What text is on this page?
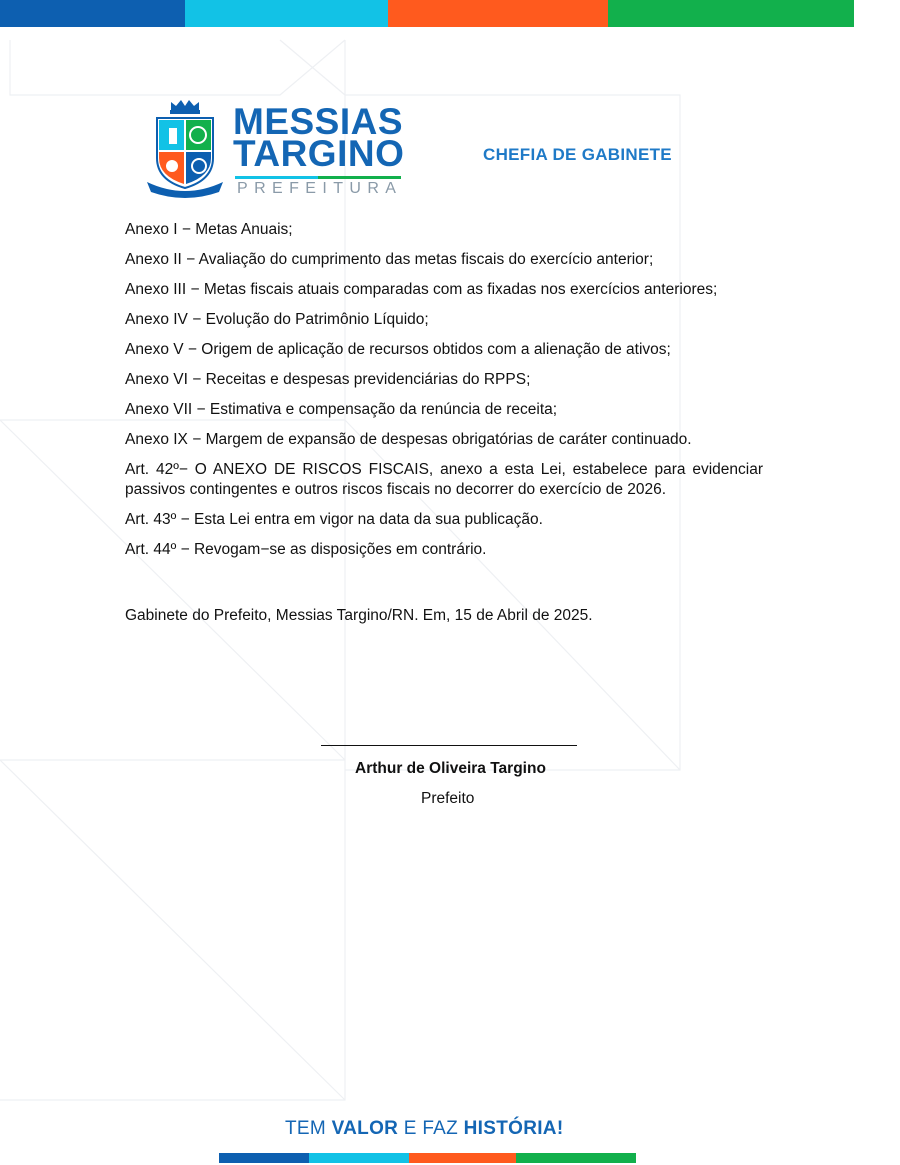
MESSIAS
TARGINO
PREFEITURA
CHEFIA DE GABINETE

Anexo I − Metas Anuais;

Anexo II − Avaliação do cumprimento das metas fiscais do exercício anterior;

Anexo III − Metas fiscais atuais comparadas com as fixadas nos exercícios anteriores;

Anexo IV − Evolução do Patrimônio Líquido;

Anexo V − Origem de aplicação de recursos obtidos com a alienação de ativos;

Anexo VI − Receitas e despesas previdenciárias do RPPS;

Anexo VII − Estimativa e compensação da renúncia de receita;

Anexo IX − Margem de expansão de despesas obrigatórias de caráter continuado.

Art. 42º− O ANEXO DE RISCOS FISCAIS, anexo a esta Lei, estabelece para evidenciar passivos contingentes e outros riscos fiscais no decorrer do exercício de 2026.

Art. 43º − Esta Lei entra em vigor na data da sua publicação.

Art. 44º − Revogam−se as disposições em contrário.

Gabinete do Prefeito, Messias Targino/RN. Em, 15 de Abril de 2025.
Arthur de Oliveira Targino
Prefeito
TEM VALOR E FAZ HISTÓRIA!
